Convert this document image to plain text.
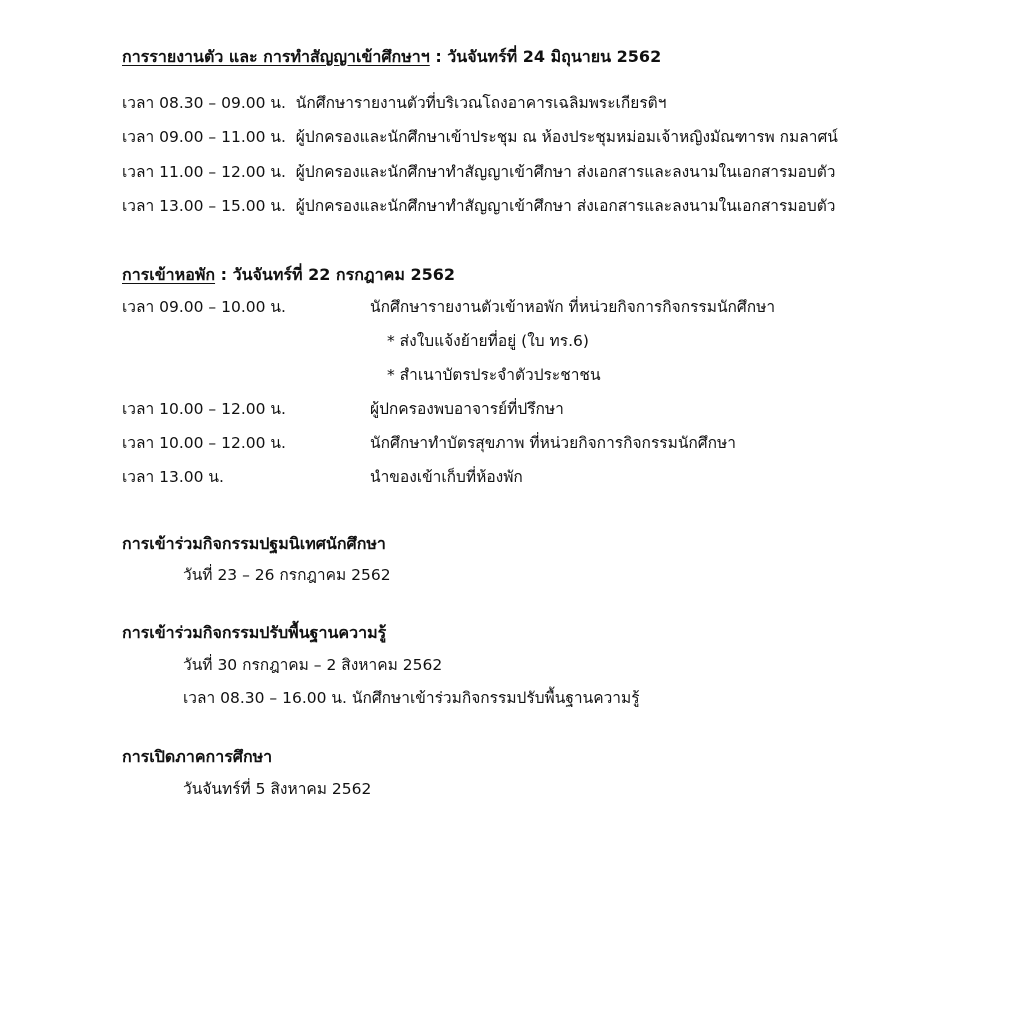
การรายงานตัว และ การทำสัญญาเข้าศึกษาฯ : วันจันทร์ที่ 24 มิถุนายน 2562
เวลา 08.30 – 09.00 น. นักศึกษารายงานตัวที่บริเวณโถงอาคารเฉลิมพระเกียรติฯ
เวลา 09.00 – 11.00 น. ผู้ปกครองและนักศึกษาเข้าประชุม ณ ห้องประชุมหม่อมเจ้าหญิงมัณฑารพ กมลาศน์
เวลา 11.00 – 12.00 น. ผู้ปกครองและนักศึกษาทำสัญญาเข้าศึกษา ส่งเอกสารและลงนามในเอกสารมอบตัว
เวลา 13.00 – 15.00 น. ผู้ปกครองและนักศึกษาทำสัญญาเข้าศึกษา ส่งเอกสารและลงนามในเอกสารมอบตัว
การเข้าหอพัก : วันจันทร์ที่ 22 กรกฎาคม 2562
เวลา 09.00 – 10.00 น.	นักศึกษารายงานตัวเข้าหอพัก ที่หน่วยกิจการกิจกรรมนักศึกษา
* ส่งใบแจ้งย้ายที่อยู่ (ใบ ทร.6)
* สำเนาบัตรประจำตัวประชาชน
เวลา 10.00 – 12.00 น.	ผู้ปกครองพบอาจารย์ที่ปรึกษา
เวลา 10.00 – 12.00 น.	นักศึกษาทำบัตรสุขภาพ ที่หน่วยกิจการกิจกรรมนักศึกษา
เวลา 13.00 น.	นำของเข้าเก็บที่ห้องพัก
การเข้าร่วมกิจกรรมปฐมนิเทศนักศึกษา
วันที่ 23 – 26 กรกฎาคม 2562
การเข้าร่วมกิจกรรมปรับพื้นฐานความรู้
วันที่ 30 กรกฎาคม – 2 สิงหาคม 2562
เวลา 08.30 – 16.00 น. นักศึกษาเข้าร่วมกิจกรรมปรับพื้นฐานความรู้
การเปิดภาคการศึกษา
วันจันทร์ที่ 5 สิงหาคม 2562
